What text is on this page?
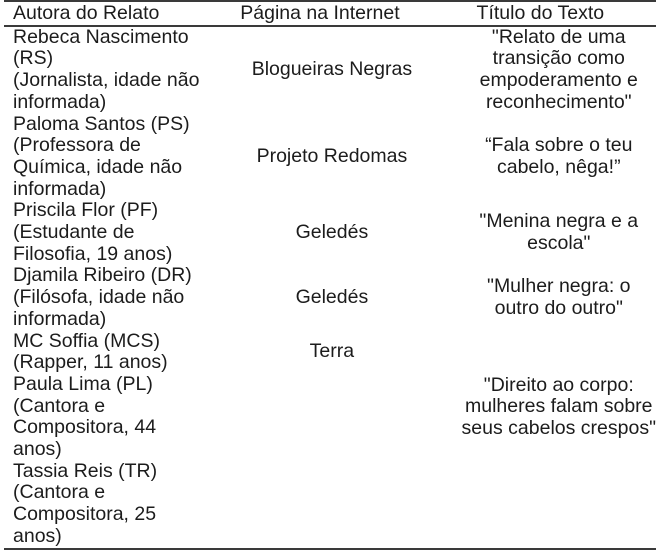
Autora do Relato	Página na Internet	Título do Texto

Rebeca Nascimento
(RS)
(Jornalista, idade não
informada)	Blogueiras Negras	"Relato de uma
transição como
empoderamento e
reconhecimento"

Paloma Santos (PS)
(Professora de
Química, idade não
informada)	Projeto Redomas	“Fala sobre o teu
cabelo, nêga!”

Priscila Flor (PF)
(Estudante de
Filosofia, 19 anos)	Geledés	"Menina negra e a
escola"

Djamila Ribeiro (DR)
(Filósofa, idade não
informada)	Geledés	"Mulher negra: o
outro do outro"

MC Soffia (MCS)
(Rapper, 11 anos)	Terra	"Direito ao corpo:
mulheres falam sobre
seus cabelos crespos"

Paula Lima (PL)
(Cantora e
Compositora, 44
anos)		

Tassia Reis (TR)
(Cantora e
Compositora, 25
anos)		
